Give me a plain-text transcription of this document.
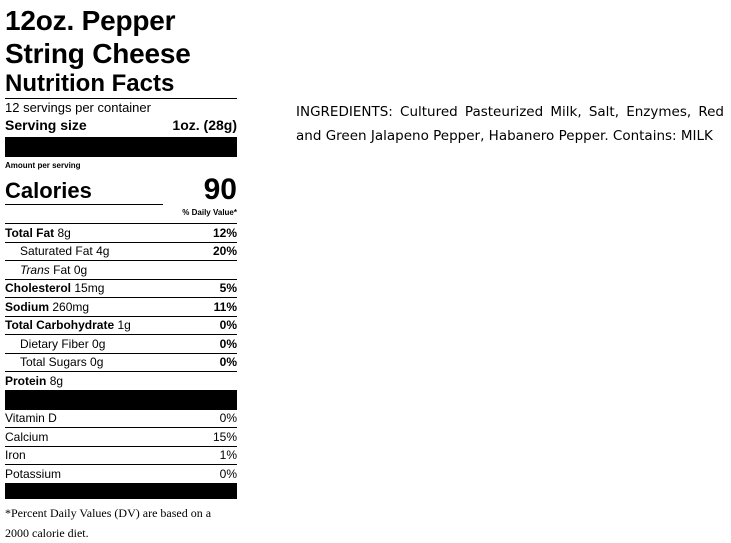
12oz. Pepper
String Cheese
Nutrition Facts
12 servings per container
Serving size	1oz. (28g)
Amount per serving
Calories	90
% Daily Value*
Total Fat 8g	12%
Saturated Fat 4g	20%
Trans Fat 0g
Cholesterol 15mg	5%
Sodium 260mg	11%
Total Carbohydrate 1g	0%
Dietary Fiber 0g	0%
Total Sugars 0g	0%
Protein 8g
Vitamin D	0%
Calcium	15%
Iron	1%
Potassium	0%
*Percent Daily Values (DV) are based on a 2000 calorie diet.
INGREDIENTS: Cultured Pasteurized Milk, Salt, Enzymes, Red and Green Jalapeno Pepper, Habanero Pepper. Contains: MILK
